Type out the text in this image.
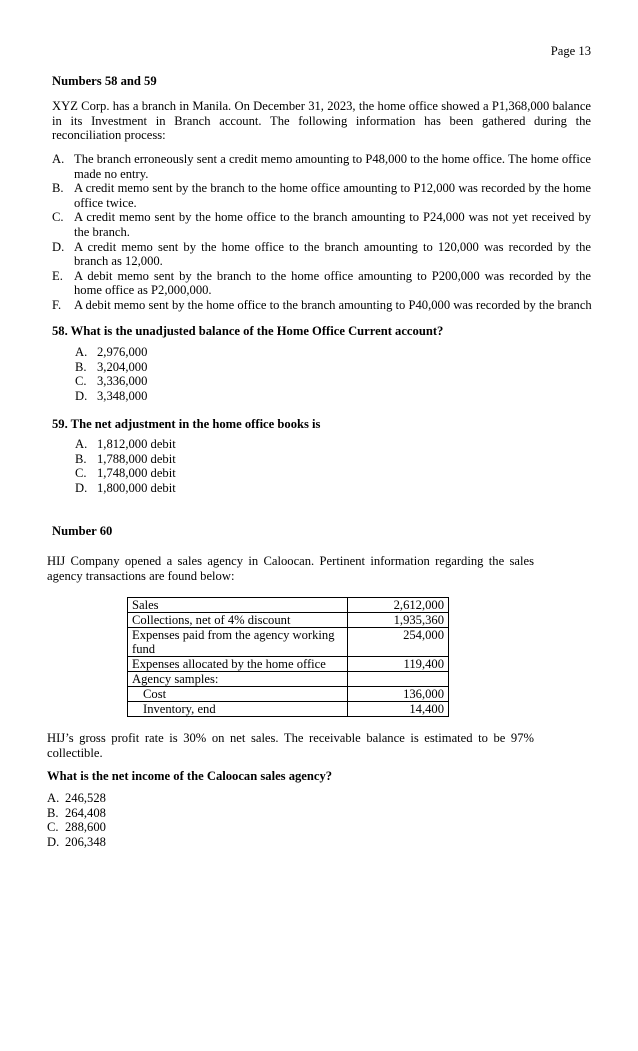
Page 13
Numbers 58 and 59
XYZ Corp. has a branch in Manila. On December 31, 2023, the home office showed a P1,368,000 balance in its Investment in Branch account. The following information has been gathered during the reconciliation process:
A. The branch erroneously sent a credit memo amounting to P48,000 to the home office. The home office made no entry.
B. A credit memo sent by the branch to the home office amounting to P12,000 was recorded by the home office twice.
C. A credit memo sent by the home office to the branch amounting to P24,000 was not yet received by the branch.
D. A credit memo sent by the home office to the branch amounting to 120,000 was recorded by the branch as 12,000.
E. A debit memo sent by the branch to the home office amounting to P200,000 was recorded by the home office as P2,000,000.
F. A debit memo sent by the home office to the branch amounting to P40,000 was recorded by the branch
58. What is the unadjusted balance of the Home Office Current account?
A. 2,976,000
B. 3,204,000
C. 3,336,000
D. 3,348,000
59. The net adjustment in the home office books is
A. 1,812,000 debit
B. 1,788,000 debit
C. 1,748,000 debit
D. 1,800,000 debit
Number 60
HIJ Company opened a sales agency in Caloocan. Pertinent information regarding the sales agency transactions are found below:
Sales	2,612,000
Collections, net of 4% discount	1,935,360
Expenses paid from the agency working fund	254,000
Expenses allocated by the home office	119,400
Agency samples:	
Cost	136,000
Inventory, end	14,400
HIJ’s gross profit rate is 30% on net sales. The receivable balance is estimated to be 97% collectible.
What is the net income of the Caloocan sales agency?
A. 246,528
B. 264,408
C. 288,600
D. 206,348
